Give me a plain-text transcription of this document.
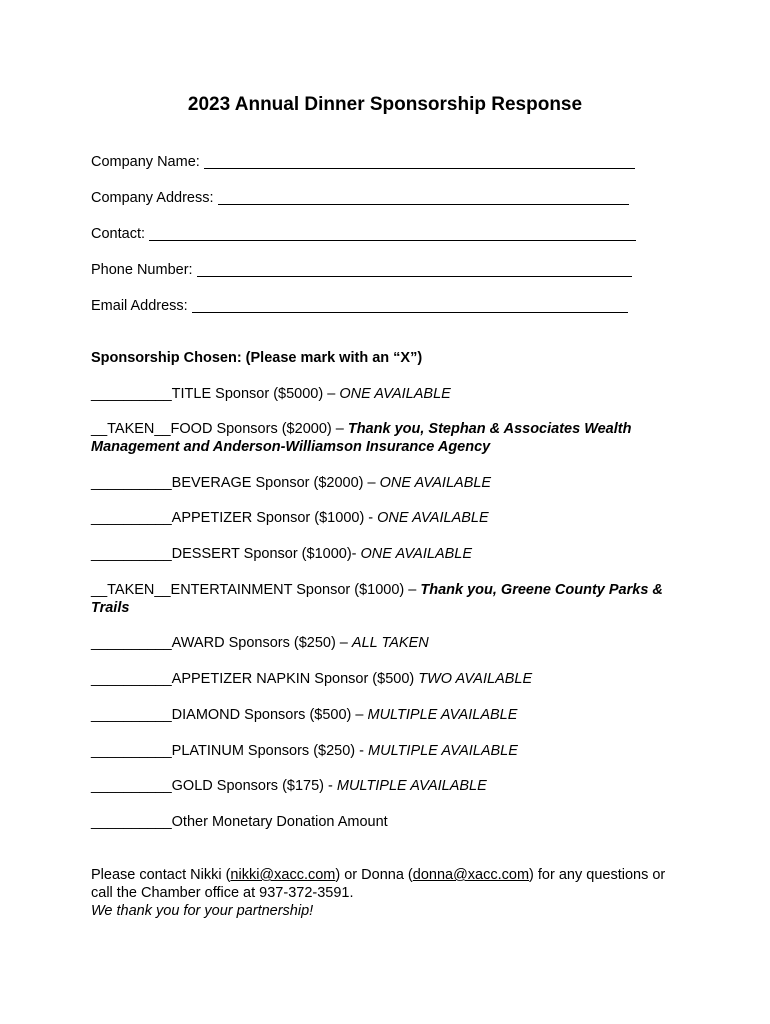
2023 Annual Dinner Sponsorship Response
Company Name:
Company Address:
Contact:
Phone Number:
Email Address:
Sponsorship Chosen: (Please mark with an “X”)
__________TITLE Sponsor ($5000) – ONE AVAILABLE
__TAKEN__FOOD Sponsors ($2000) – Thank you, Stephan & Associates Wealth Management and Anderson-Williamson Insurance Agency
__________BEVERAGE Sponsor ($2000) – ONE AVAILABLE
__________APPETIZER Sponsor ($1000) - ONE AVAILABLE
__________DESSERT Sponsor ($1000)- ONE AVAILABLE
__TAKEN__ENTERTAINMENT Sponsor ($1000) – Thank you, Greene County Parks & Trails
__________AWARD Sponsors ($250) – ALL TAKEN
__________APPETIZER NAPKIN Sponsor ($500) TWO AVAILABLE
__________DIAMOND Sponsors ($500) – MULTIPLE AVAILABLE
__________PLATINUM Sponsors ($250) - MULTIPLE AVAILABLE
__________GOLD Sponsors ($175) - MULTIPLE AVAILABLE
__________Other Monetary Donation Amount
Please contact Nikki (nikki@xacc.com) or Donna (donna@xacc.com) for any questions or call the Chamber office at 937-372-3591.
We thank you for your partnership!
